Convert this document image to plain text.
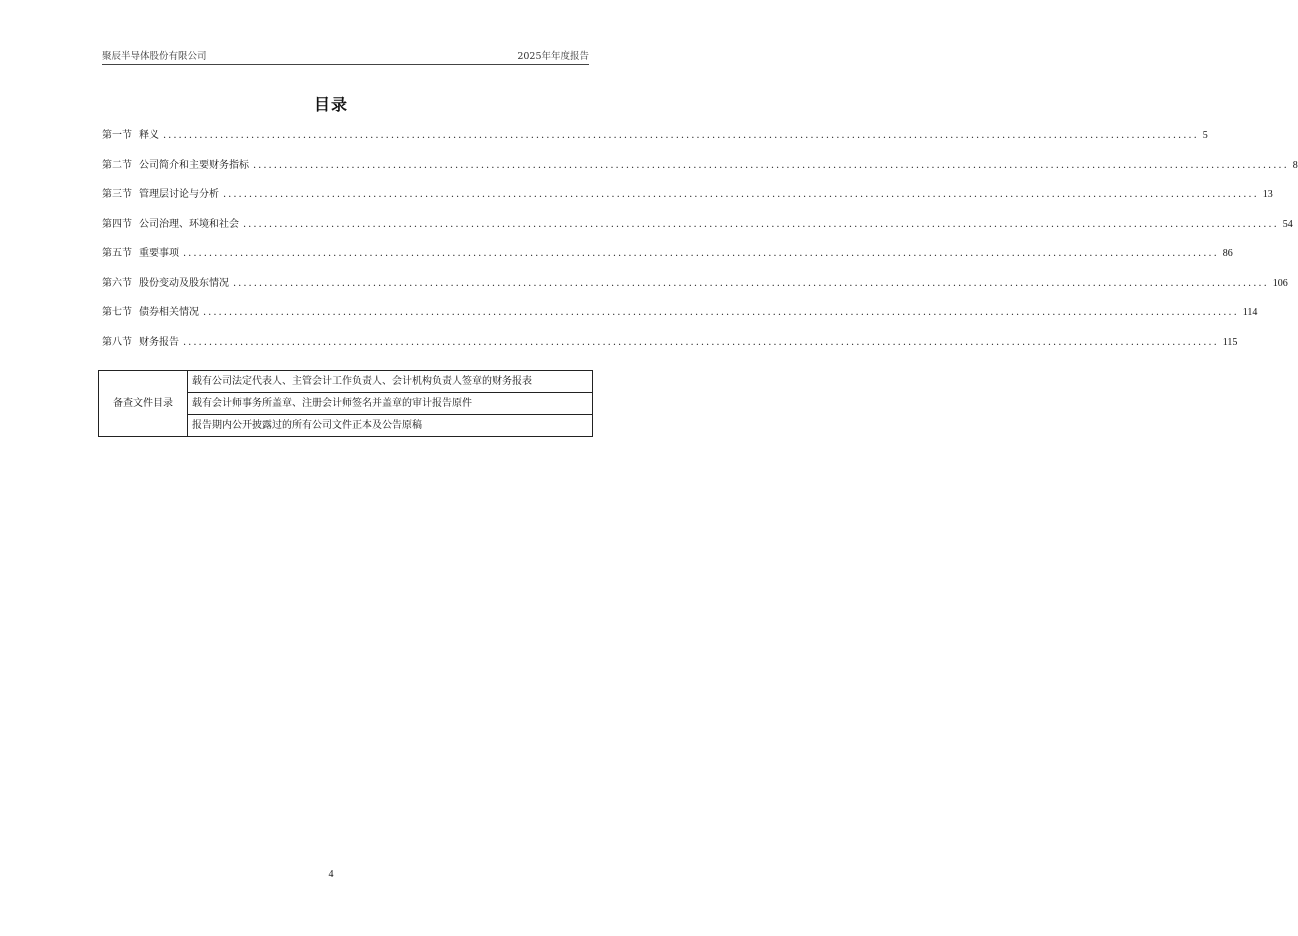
聚辰半导体股份有限公司	2025年年度报告
目录
第一节 释义 ........................................................................................................................................................................................................ 5
第二节 公司简介和主要财务指标 ........................................................................................................................................................................................................ 8
第三节 管理层讨论与分析 ........................................................................................................................................................................................................ 13
第四节 公司治理、环境和社会 ........................................................................................................................................................................................................ 54
第五节 重要事项 ........................................................................................................................................................................................................ 86
第六节 股份变动及股东情况 ........................................................................................................................................................................................................ 106
第七节 债券相关情况 ........................................................................................................................................................................................................ 114
第八节 财务报告 ........................................................................................................................................................................................................ 115
备查文件目录	载有公司法定代表人、主管会计工作负责人、会计机构负责人签章的财务报表
载有会计师事务所盖章、注册会计师签名并盖章的审计报告原件
报告期内公开披露过的所有公司文件正本及公告原稿
4
